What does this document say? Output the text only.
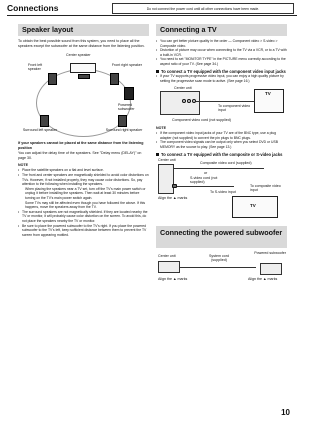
Connections	Do not connect the power cord until all other connections have been made.
Speaker layout
To obtain the best possible sound from this system, you need to place all the speakers except the subwoofer at the same distance from the listening position.
Center speaker
Front left speaker
Front right speaker
Powered subwoofer
Surround left speaker	Surround right speaker
If your speakers cannot be placed at the same distance from the listening position
You can adjust the delay time of the speakers. See "Delay menu (DELAY)" on page 30.
NOTE
• Place the satellite speakers on a flat and level surface.
• The front and center speakers are magnetically shielded to avoid color distortions on TVs. However, if not installed properly, they may cause color distortions. So, pay attention to the following when installing the speakers.
When placing the speakers near a TV set, turn off the TV's main power switch or unplug it before installing the speakers. Then wait at least 30 minutes before turning on the TV's main power switch again.
Some TVs may still be affected even though you have followed the above. If this happens, move the speakers away from the TV.
• The surround speakers are not magnetically shielded. If they are located nearby the TV or monitor, it will probably cause color distortion on the screen. To avoid this, do not place the speakers nearby the TV or monitor.
• Be sure to place the powered subwoofer to the TV's right. If you place the powered subwoofer to the TV's left, keep sufficient distance between them to prevent the TV screen from appearing mottled.
Connecting a TV
• You can get better picture quality in the order — Component video > S-video > Composite video.
• Distortion of picture may occur when connecting to the TV via a VCR, or to a TV with a built-in VCR.
• You need to set "MONITOR TYPE" in the PICTURE menu correctly according to the aspect ratio of your TV. (See page 34.)
To connect a TV equipped with the component video input jacks
• If your TV supports progressive video input, you can enjoy a high quality picture by setting the progressive scan mode to active. (See page 16.)
Center unit
TV
To component video input
Component video cord (not supplied)
NOTE
• If the component video input jacks of your TV are of the BNC type, use a plug adapter (not supplied) to convert the pin plugs to BNC plugs.
• The component video signals can be output only when you select DVD or USB MEMORY as the source to play. (See page 13.)
To connect a TV equipped with the composite or S-video jacks
Center unit
Composite video cord (supplied)
or
S-video cord (not supplied)
Align the ▲ marks
To S-video input
To composite video input
TV
Connecting the powered subwoofer
Center unit	System cord (supplied)
Powered subwoofer
Align the ▲ marks	Align the ▲ marks
10
